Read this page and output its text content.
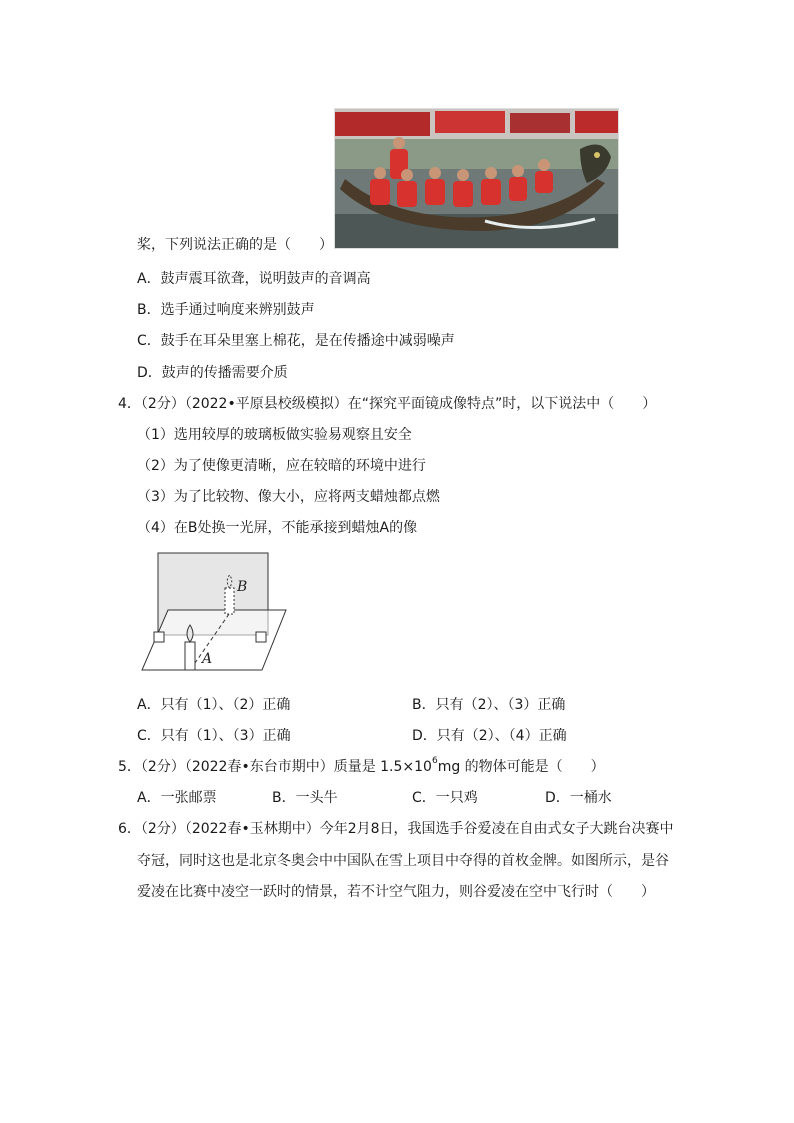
桨，下列说法正确的是（　　）
A．鼓声震耳欲聋，说明鼓声的音调高
B．选手通过响度来辨别鼓声
C．鼓手在耳朵里塞上棉花，是在传播途中减弱噪声
D．鼓声的传播需要介质
4．（2分）（2022•平原县校级模拟）在“探究平面镜成像特点”时，以下说法中（　　）
（1）选用较厚的玻璃板做实验易观察且安全
（2）为了使像更清晰，应在较暗的环境中进行
（3）为了比较物、像大小，应将两支蜡烛都点燃
（4）在B处换一光屏，不能承接到蜡烛A的像
B
A
A．只有（1）、（2）正确	B．只有（2）、（3）正确
C．只有（1）、（3）正确	D．只有（2）、（4）正确
5．（2分）（2022春•东台市期中）质量是 $1.5\times 10^6mg$ 的物体可能是（　　）
A．一张邮票	B．一头牛	C．一只鸡	D．一桶水
6．（2分）（2022春•玉林期中）今年2月8日，我国选手谷爱凌在自由式女子大跳台决赛中
夺冠，同时这也是北京冬奥会中中国队在雪上项目中夺得的首枚金牌。如图所示，是谷
爱凌在比赛中凌空一跃时的情景，若不计空气阻力，则谷爱凌在空中飞行时（　　）
